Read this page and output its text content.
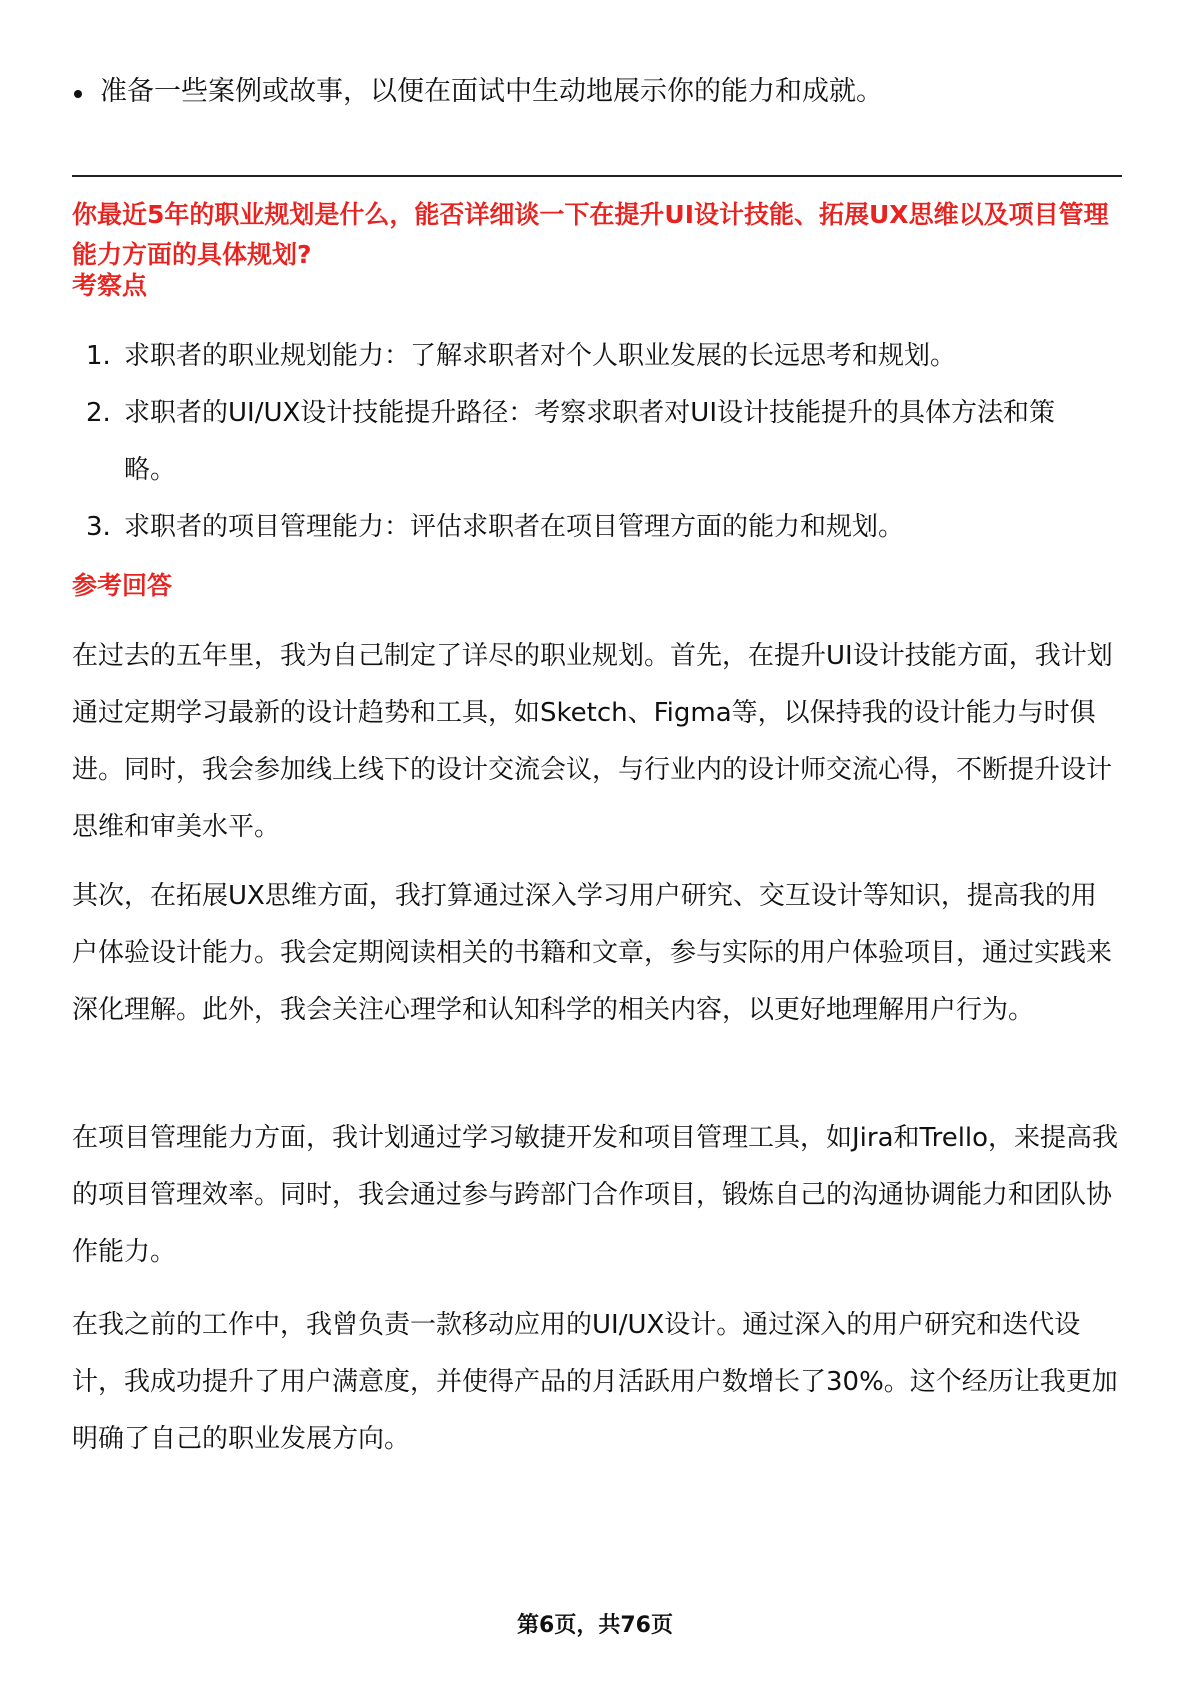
准备一些案例或故事，以便在面试中生动地展示你的能力和成就。
你最近5年的职业规划是什么，能否详细谈一下在提升UI设计技能、拓展UX思维以及项目管理能力方面的具体规划?
考察点
1. 求职者的职业规划能力：了解求职者对个人职业发展的长远思考和规划。
2. 求职者的UI/UX设计技能提升路径：考察求职者对UI设计技能提升的具体方法和策略。
3. 求职者的项目管理能力：评估求职者在项目管理方面的能力和规划。
参考回答
在过去的五年里，我为自己制定了详尽的职业规划。首先，在提升UI设计技能方面，我计划通过定期学习最新的设计趋势和工具，如Sketch、Figma等，以保持我的设计能力与时俱进。同时，我会参加线上线下的设计交流会议，与行业内的设计师交流心得，不断提升设计思维和审美水平。
其次，在拓展UX思维方面，我打算通过深入学习用户研究、交互设计等知识，提高我的用户体验设计能力。我会定期阅读相关的书籍和文章，参与实际的用户体验项目，通过实践来深化理解。此外，我会关注心理学和认知科学的相关内容，以更好地理解用户行为。
在项目管理能力方面，我计划通过学习敏捷开发和项目管理工具，如Jira和Trello，来提高我的项目管理效率。同时，我会通过参与跨部门合作项目，锻炼自己的沟通协调能力和团队协作能力。
在我之前的工作中，我曾负责一款移动应用的UI/UX设计。通过深入的用户研究和迭代设计，我成功提升了用户满意度，并使得产品的月活跃用户数增长了30%。这个经历让我更加明确了自己的职业发展方向。
第6页，共76页
